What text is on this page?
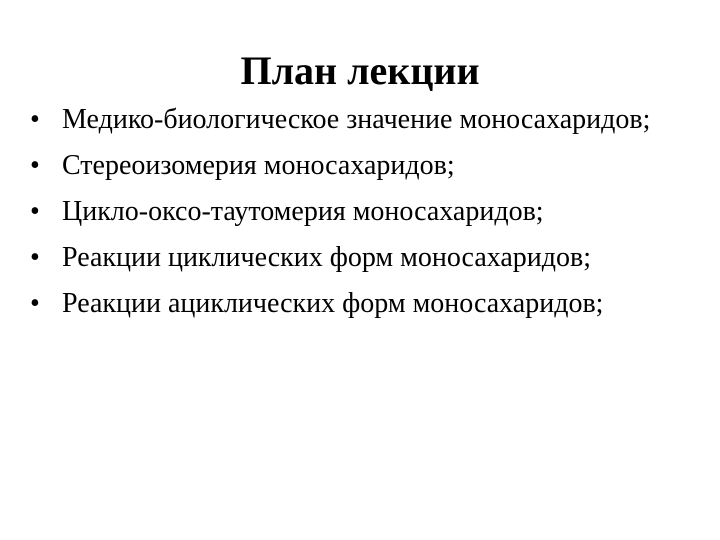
План лекции
• Медико-биологическое значение моносахаридов;
• Стереоизомерия моносахаридов;
• Цикло-оксо-таутомерия моносахаридов;
• Реакции циклических форм моносахаридов;
• Реакции ациклических форм моносахаридов;
